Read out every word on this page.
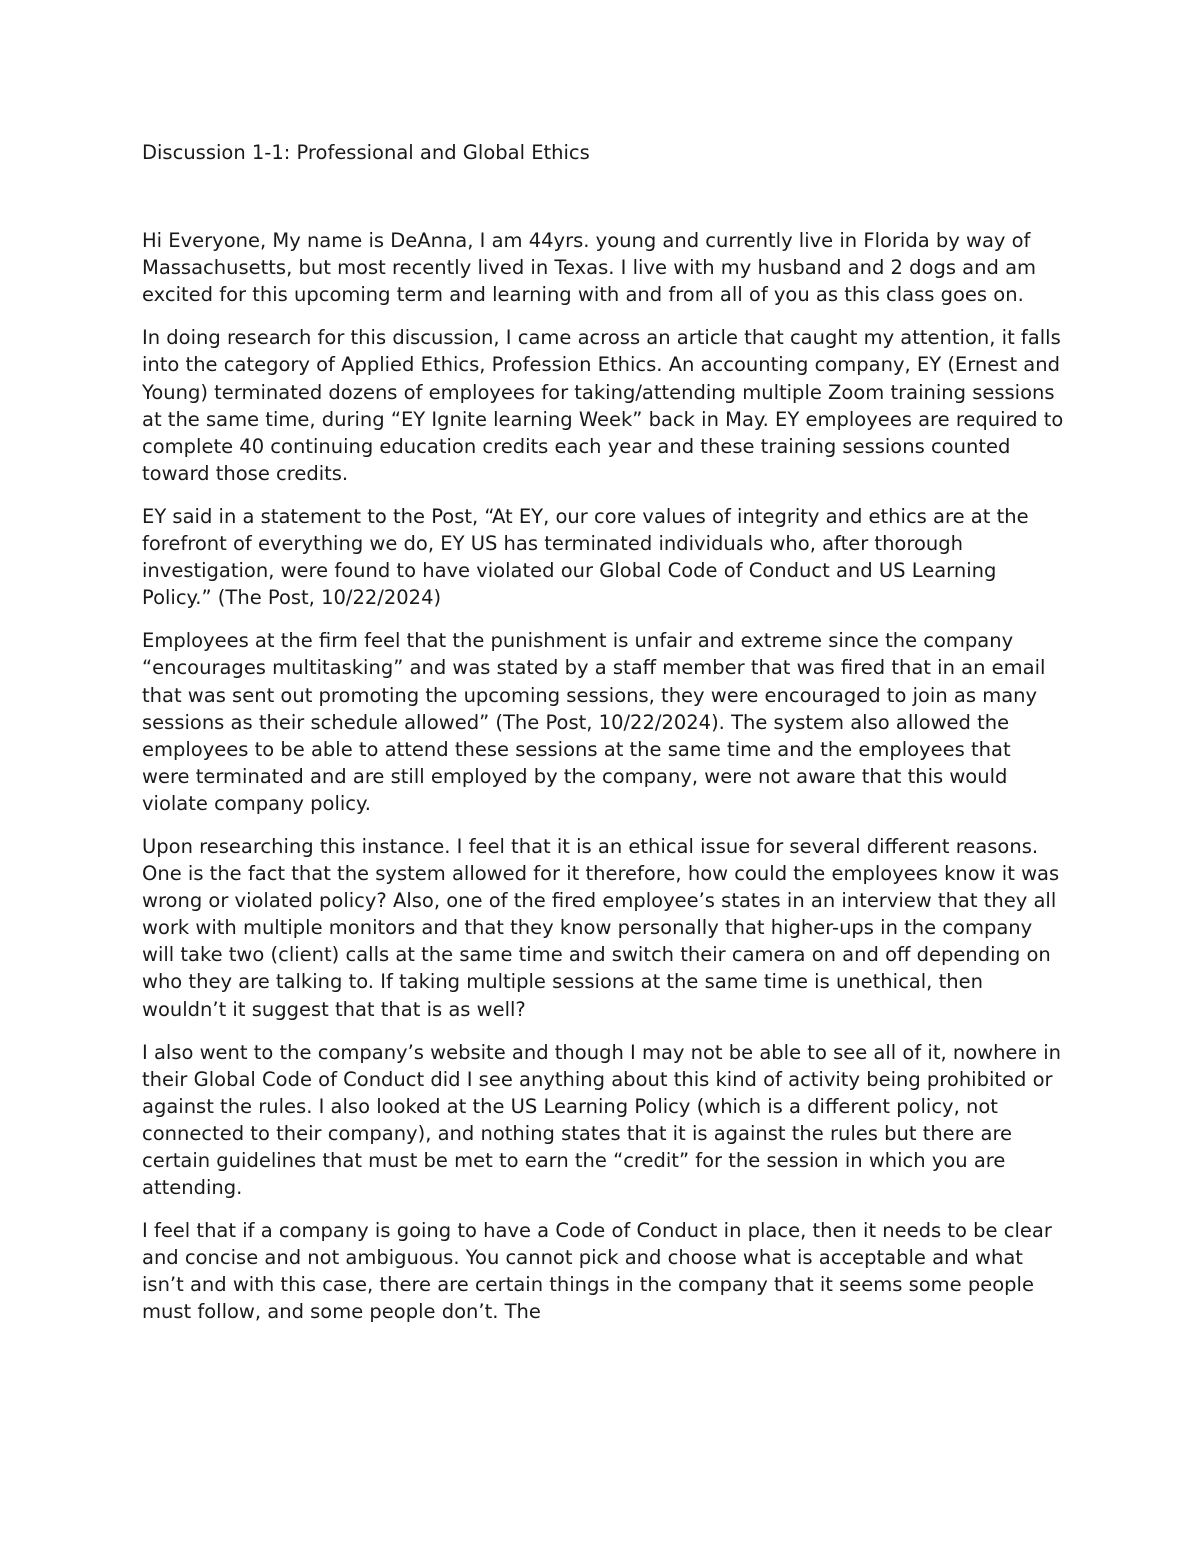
Discussion 1-1: Professional and Global Ethics

Hi Everyone, My name is DeAnna, I am 44yrs. young and currently live in Florida by way of Massachusetts, but most recently lived in Texas. I live with my husband and 2 dogs and am excited for this upcoming term and learning with and from all of you as this class goes on.

In doing research for this discussion, I came across an article that caught my attention, it falls into the category of Applied Ethics, Profession Ethics. An accounting company, EY (Ernest and Young) terminated dozens of employees for taking/attending multiple Zoom training sessions at the same time, during “EY Ignite learning Week” back in May. EY employees are required to complete 40 continuing education credits each year and these training sessions counted toward those credits.

EY said in a statement to the Post, “At EY, our core values of integrity and ethics are at the forefront of everything we do, EY US has terminated individuals who, after thorough investigation, were found to have violated our Global Code of Conduct and US Learning Policy.” (The Post, 10/22/2024)

Employees at the firm feel that the punishment is unfair and extreme since the company “encourages multitasking” and was stated by a staff member that was fired that in an email that was sent out promoting the upcoming sessions, they were encouraged to join as many sessions as their schedule allowed” (The Post, 10/22/2024). The system also allowed the employees to be able to attend these sessions at the same time and the employees that were terminated and are still employed by the company, were not aware that this would violate company policy.

Upon researching this instance. I feel that it is an ethical issue for several different reasons. One is the fact that the system allowed for it therefore, how could the employees know it was wrong or violated policy? Also, one of the fired employee’s states in an interview that they all work with multiple monitors and that they know personally that higher-ups in the company will take two (client) calls at the same time and switch their camera on and off depending on who they are talking to. If taking multiple sessions at the same time is unethical, then wouldn’t it suggest that that is as well?

I also went to the company’s website and though I may not be able to see all of it, nowhere in their Global Code of Conduct did I see anything about this kind of activity being prohibited or against the rules. I also looked at the US Learning Policy (which is a different policy, not connected to their company), and nothing states that it is against the rules but there are certain guidelines that must be met to earn the “credit” for the session in which you are attending.

I feel that if a company is going to have a Code of Conduct in place, then it needs to be clear and concise and not ambiguous. You cannot pick and choose what is acceptable and what isn’t and with this case, there are certain things in the company that it seems some people must follow, and some people don’t. The
